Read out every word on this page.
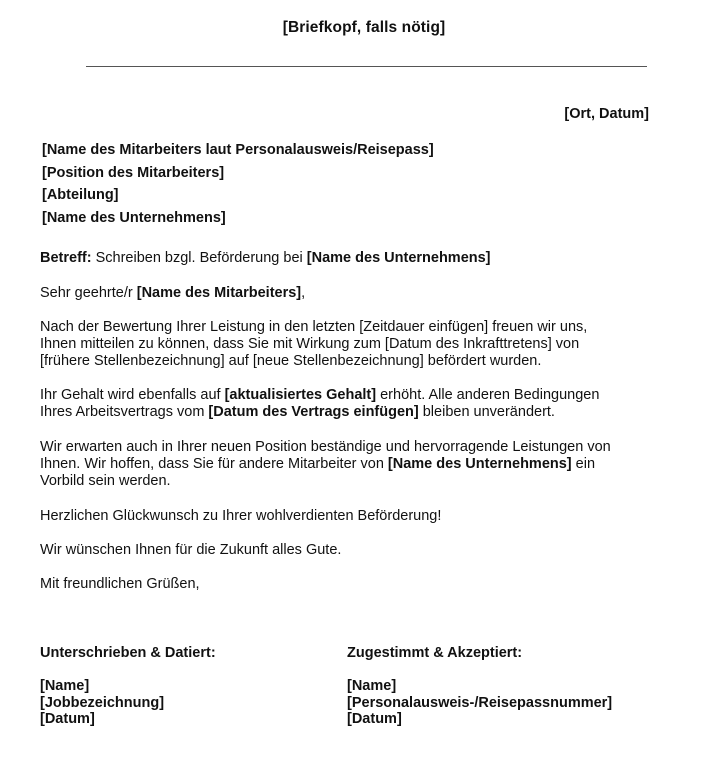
[Briefkopf, falls nötig]
[Ort, Datum]
[Name des Mitarbeiters laut Personalausweis/Reisepass]
[Position des Mitarbeiters]
[Abteilung]
[Name des Unternehmens]
Betreff: Schreiben bzgl. Beförderung bei [Name des Unternehmens]
Sehr geehrte/r [Name des Mitarbeiters],
Nach der Bewertung Ihrer Leistung in den letzten [Zeitdauer einfügen] freuen wir uns,
Ihnen mitteilen zu können, dass Sie mit Wirkung zum [Datum des Inkrafttretens] von
[frühere Stellenbezeichnung] auf [neue Stellenbezeichnung] befördert wurden.
Ihr Gehalt wird ebenfalls auf [aktualisiertes Gehalt] erhöht. Alle anderen Bedingungen
Ihres Arbeitsvertrags vom [Datum des Vertrags einfügen] bleiben unverändert.
Wir erwarten auch in Ihrer neuen Position beständige und hervorragende Leistungen von
Ihnen. Wir hoffen, dass Sie für andere Mitarbeiter von [Name des Unternehmens] ein
Vorbild sein werden.
Herzlichen Glückwunsch zu Ihrer wohlverdienten Beförderung!
Wir wünschen Ihnen für die Zukunft alles Gute.
Mit freundlichen Grüßen,
Unterschrieben & Datiert:
[Name]
[Jobbezeichnung]
[Datum]
Zugestimmt & Akzeptiert:
[Name]
[Personalausweis-/Reisepassnummer]
[Datum]
